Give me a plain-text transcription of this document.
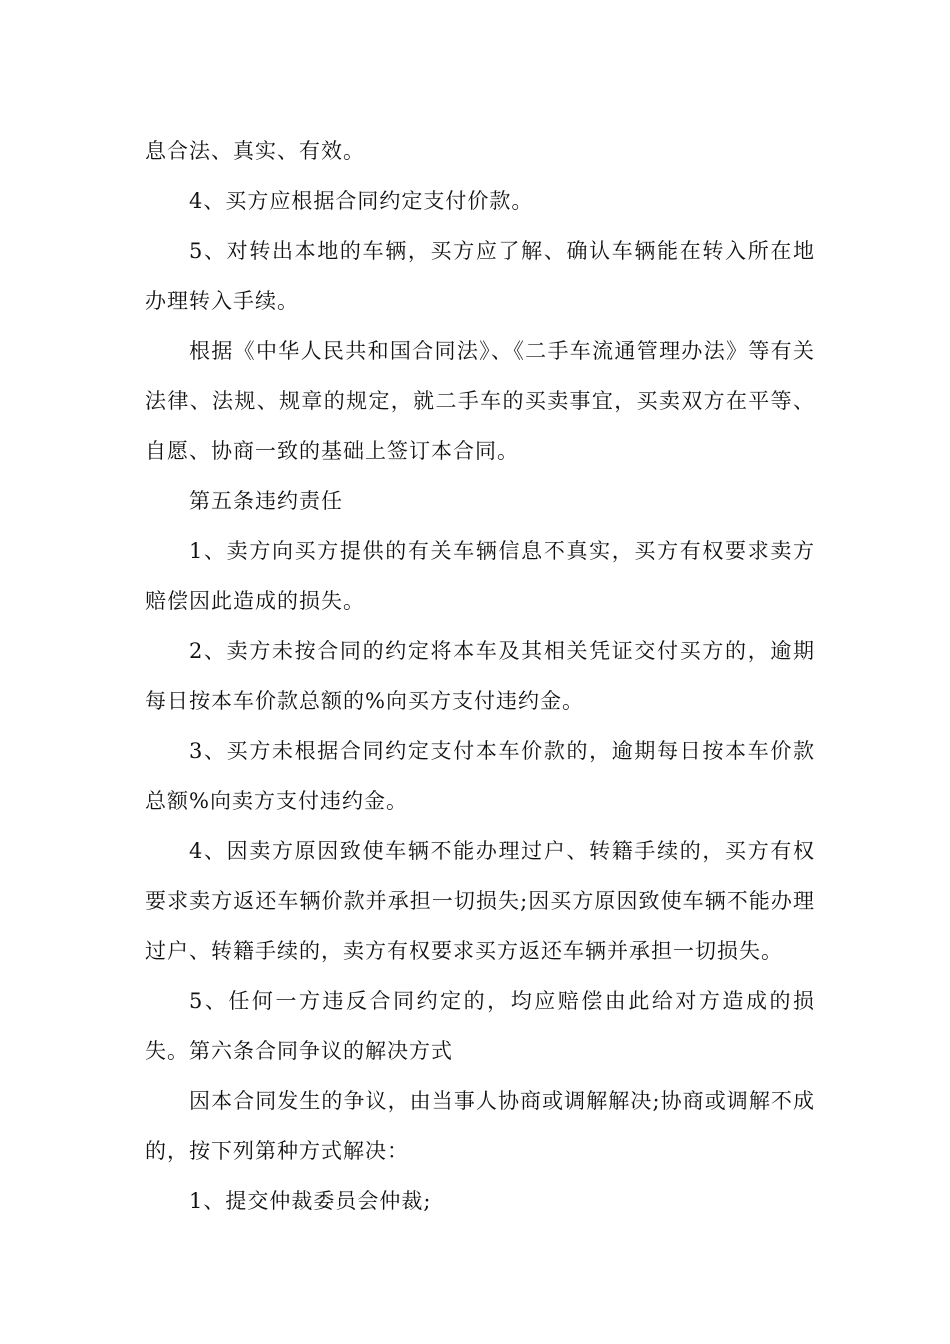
息合法、真实、有效。

4、买方应根据合同约定支付价款。

5、对转出本地的车辆，买方应了解、确认车辆能在转入所在地办理转入手续。

根据《中华人民共和国合同法》、《二手车流通管理办法》等有关法律、法规、规章的规定，就二手车的买卖事宜，买卖双方在平等、自愿、协商一致的基础上签订本合同。

第五条违约责任

1、卖方向买方提供的有关车辆信息不真实，买方有权要求卖方赔偿因此造成的损失。

2、卖方未按合同的约定将本车及其相关凭证交付买方的，逾期每日按本车价款总额的%向买方支付违约金。

3、买方未根据合同约定支付本车价款的，逾期每日按本车价款总额%向卖方支付违约金。

4、因卖方原因致使车辆不能办理过户、转籍手续的，买方有权要求卖方返还车辆价款并承担一切损失;因买方原因致使车辆不能办理过户、转籍手续的，卖方有权要求买方返还车辆并承担一切损失。

5、任何一方违反合同约定的，均应赔偿由此给对方造成的损失。 第六条合同争议的解决方式

因本合同发生的争议，由当事人协商或调解解决;协商或调解不成的，按下列第种方式解决：

1、提交仲裁委员会仲裁;
